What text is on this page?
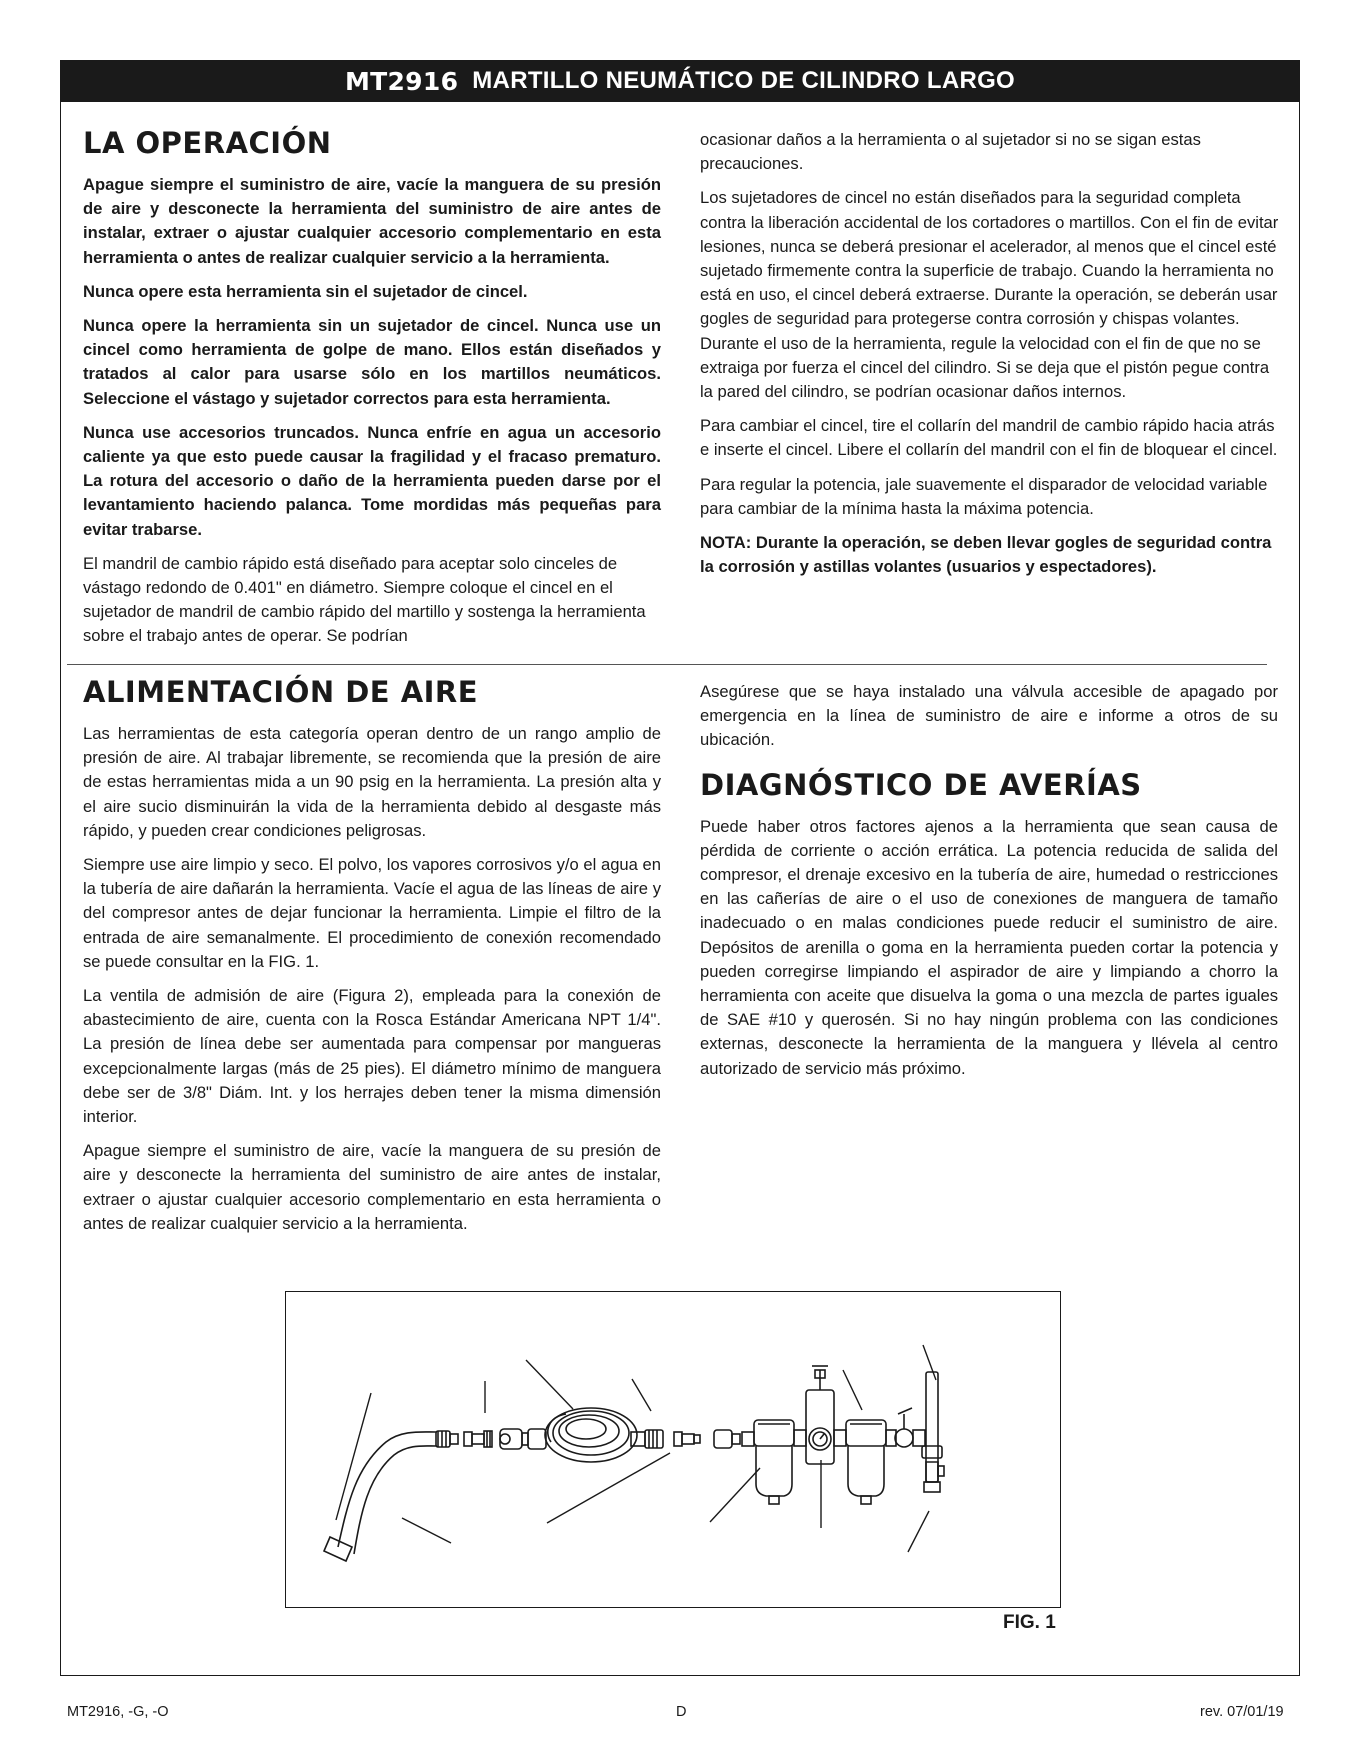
MT2916 MARTILLO NEUMÁTICO DE CILINDRO LARGO
LA OPERACIÓN

Apague siempre el suministro de aire, vacíe la manguera de su presión de aire y desconecte la herramienta del suministro de aire antes de instalar, extraer o ajustar cualquier accesorio complementario en esta herramienta o antes de realizar cualquier servicio a la herramienta.

Nunca opere esta herramienta sin el sujetador de cincel.

Nunca opere la herramienta sin un sujetador de cincel. Nunca use un cincel como herramienta de golpe de mano. Ellos están diseñados y tratados al calor para usarse sólo en los martillos neumáticos. Seleccione el vástago y sujetador correctos para esta herramienta.

Nunca use accesorios truncados. Nunca enfríe en agua un accesorio caliente ya que esto puede causar la fragilidad y el fracaso prematuro. La rotura del accesorio o daño de la herramienta pueden darse por el levantamiento haciendo palanca. Tome mordidas más pequeñas para evitar trabarse.

El mandril de cambio rápido está diseñado para aceptar solo cinceles de vástago redondo de 0.401" en diámetro. Siempre coloque el cincel en el sujetador de mandril de cambio rápido del martillo y sostenga la herramienta sobre el trabajo antes de operar. Se podrían

ocasionar daños a la herramienta o al sujetador si no se sigan estas precauciones.

Los sujetadores de cincel no están diseñados para la seguridad completa contra la liberación accidental de los cortadores o martillos. Con el fin de evitar lesiones, nunca se deberá presionar el acelerador, al menos que el cincel esté sujetado firmemente contra la superficie de trabajo. Cuando la herramienta no está en uso, el cincel deberá extraerse. Durante la operación, se deberán usar gogles de seguridad para protegerse contra corrosión y chispas volantes. Durante el uso de la herramienta, regule la velocidad con el fin de que no se extraiga por fuerza el cincel del cilindro. Si se deja que el pistón pegue contra la pared del cilindro, se podrían ocasionar daños internos.

Para cambiar el cincel, tire el collarín del mandril de cambio rápido hacia atrás e inserte el cincel. Libere el collarín del mandril con el fin de bloquear el cincel.

Para regular la potencia, jale suavemente el disparador de velocidad variable para cambiar de la mínima hasta la máxima potencia.

NOTA: Durante la operación, se deben llevar gogles de seguridad contra la corrosión y astillas volantes (usuarios y espectadores).

ALIMENTACIÓN DE AIRE

Las herramientas de esta categoría operan dentro de un rango amplio de presión de aire. Al trabajar libremente, se recomienda que la presión de aire de estas herramientas mida a un 90 psig en la herramienta. La presión alta y el aire sucio disminuirán la vida de la herramienta debido al desgaste más rápido, y pueden crear condiciones peligrosas.

Siempre use aire limpio y seco. El polvo, los vapores corrosivos y/o el agua en la tubería de aire dañarán la herramienta. Vacíe el agua de las líneas de aire y del compresor antes de dejar funcionar la herramienta. Limpie el filtro de la entrada de aire semanalmente. El procedimiento de conexión recomendado se puede consultar en la FIG. 1.

La ventila de admisión de aire (Figura 2), empleada para la conexión de abastecimiento de aire, cuenta con la Rosca Estándar Americana NPT 1/4". La presión de línea debe ser aumentada para compensar por mangueras excepcionalmente largas (más de 25 pies). El diámetro mínimo de manguera debe ser de 3/8" Diám. Int. y los herrajes deben tener la misma dimensión interior.

Apague siempre el suministro de aire, vacíe la manguera de su presión de aire y desconecte la herramienta del suministro de aire antes de instalar, extraer o ajustar cualquier accesorio complementario en esta herramienta o antes de realizar cualquier servicio a la herramienta.

Asegúrese que se haya instalado una válvula accesible de apagado por emergencia en la línea de suministro de aire e informe a otros de su ubicación.

DIAGNÓSTICO DE AVERÍAS

Puede haber otros factores ajenos a la herramienta que sean causa de pérdida de corriente o acción errática. La potencia reducida de salida del compresor, el drenaje excesivo en la tubería de aire, humedad o restricciones en las cañerías de aire o el uso de conexiones de manguera de tamaño inadecuado o en malas condiciones puede reducir el suministro de aire. Depósitos de arenilla o goma en la herramienta pueden cortar la potencia y pueden corregirse limpiando el aspirador de aire y limpiando a chorro la herramienta con aceite que disuelva la goma o una mezcla de partes iguales de SAE #10 y querosén. Si no hay ningún problema con las condiciones externas, desconecte la herramienta de la manguera y llévela al centro autorizado de servicio más próximo.

FIG. 1
MT2916, -G, -O	D	rev. 07/01/19
